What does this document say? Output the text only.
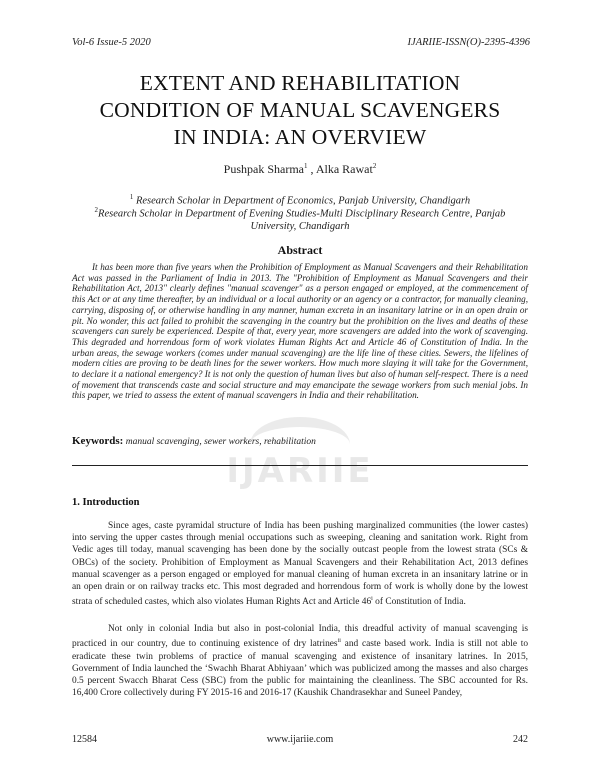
Vol-6 Issue-5 2020	IJARIIE-ISSN(O)-2395-4396
EXTENT AND REHABILITATION
CONDITION OF MANUAL SCAVENGERS
IN INDIA: AN OVERVIEW
Pushpak Sharma$^1$ , Alka Rawat$^2$
$^1$ Research Scholar in Department of Economics, Panjab University, Chandigarh
$^2$Research Scholar in Department of Evening Studies-Multi Disciplinary Research Centre, Panjab University, Chandigarh
Abstract

It has been more than five years when the Prohibition of Employment as Manual Scavengers and their Rehabilitation Act was passed in the Parliament of India in 2013. The "Prohibition of Employment as Manual Scavengers and their Rehabilitation Act, 2013" clearly defines "manual scavenger" as a person engaged or employed, at the commencement of this Act or at any time thereafter, by an individual or a local authority or an agency or a contractor, for manually cleaning, carrying, disposing of, or otherwise handling in any manner, human excreta in an insanitary latrine or in an open drain or pit. No wonder, this act failed to prohibit the scavenging in the country but the prohibition on the lives and deaths of these scavengers can surely be experienced. Despite of that, every year, more scavengers are added into the work of scavenging. This degraded and horrendous form of work violates Human Rights Act and Article 46 of Constitution of India. In the urban areas, the sewage workers (comes under manual scavenging) are the life line of these cities. Sewers, the lifelines of modern cities are proving to be death lines for the sewer workers. How much more slaying it will take for the Government, to declare it a national emergency? It is not only the question of human lives but also of human self-respect. There is a need of movement that transcends caste and social structure and may emancipate the sewage workers from such menial jobs. In this paper, we tried to assess the extent of manual scavengers in India and their rehabilitation.

Keywords: manual scavenging, sewer workers, rehabilitation
IJARIIE
1. Introduction

Since ages, caste pyramidal structure of India has been pushing marginalized communities (the lower castes) into serving the upper castes through menial occupations such as sweeping, cleaning and sanitation work. Right from Vedic ages till today, manual scavenging has been done by the socially outcast people from the lowest strata (SCs & OBCs) of the society. Prohibition of Employment as Manual Scavengers and their Rehabilitation Act, 2013 defines manual scavenger as a person engaged or employed for manual cleaning of human excreta in an insanitary latrine or in an open drain or on railway tracks etc. This most degraded and horrendous form of work is wholly done by the lowest strata of scheduled castes, which also violates Human Rights Act and Article 46$^i$ of Constitution of India.

Not only in colonial India but also in post-colonial India, this dreadful activity of manual scavenging is practiced in our country, due to continuing existence of dry latrines$^{ii}$ and caste based work. India is still not able to eradicate these twin problems of practice of manual scavenging and existence of insanitary latrines. In 2015, Government of India launched the ‘Swachh Bharat Abhiyaan’ which was publicized among the masses and also charges 0.5 percent Swacch Bharat Cess (SBC) from the public for maintaining the cleanliness. The SBC accounted for Rs. 16,400 Crore collectively during FY 2015-16 and 2016-17 (Kaushik Chandrasekhar and Suneel Pandey,

12584	www.ijariie.com	242
